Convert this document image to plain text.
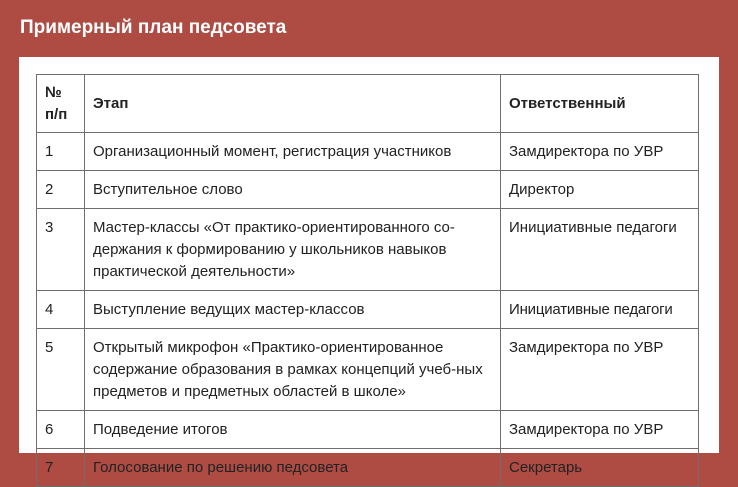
Примерный план педсовета
№ п/п	Этап	Ответственный
1	Организационный момент, регистрация участников	Замдиректора по УВР
2	Вступительное слово	Директор
3	Мастер-классы «От практико-ориентированного со-держания к формированию у школьников навыков практической деятельности»	Инициативные педагоги
4	Выступление ведущих мастер-классов	Инициативные педагоги
5	Открытый микрофон «Практико-ориентированное содержание образования в рамках концепций учеб-ных предметов и предметных областей в школе»	Замдиректора по УВР
6	Подведение итогов	Замдиректора по УВР
7	Голосование по решению педсовета	Секретарь
